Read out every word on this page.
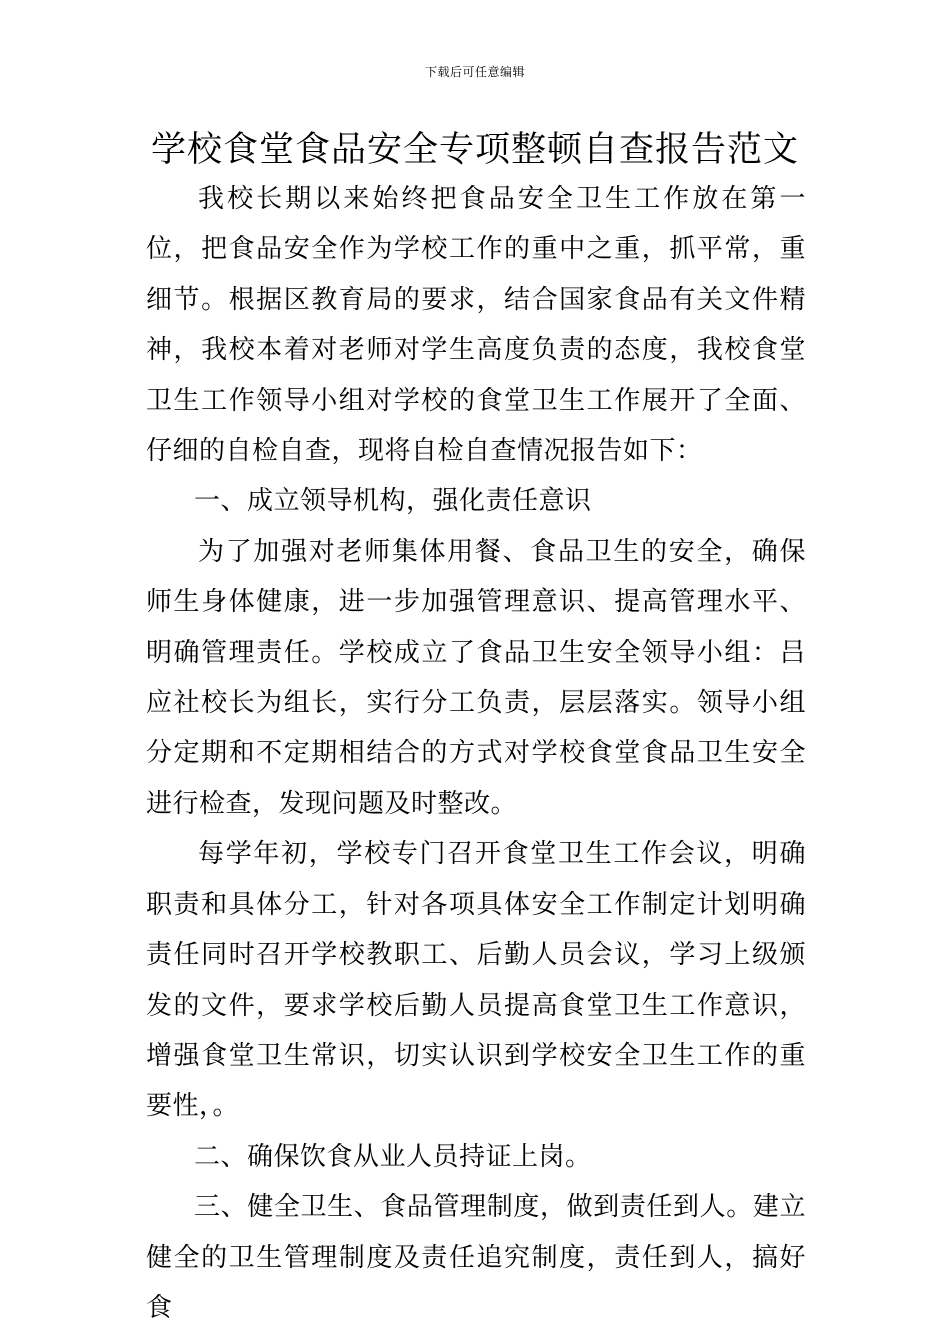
下载后可任意编辑
学校食堂食品安全专项整顿自查报告范文

我校长期以来始终把食品安全卫生工作放在第一位，把食品安全作为学校工作的重中之重，抓平常，重细节。根据区教育局的要求，结合国家食品有关文件精神，我校本着对老师对学生高度负责的态度，我校食堂卫生工作领导小组对学校的食堂卫生工作展开了全面、仔细的自检自查，现将自检自查情况报告如下：

一、成立领导机构，强化责任意识

为了加强对老师集体用餐、食品卫生的安全，确保师生身体健康，进一步加强管理意识、提高管理水平、明确管理责任。学校成立了食品卫生安全领导小组：吕应社校长为组长，实行分工负责，层层落实。领导小组分定期和不定期相结合的方式对学校食堂食品卫生安全进行检查，发现问题及时整改。

每学年初，学校专门召开食堂卫生工作会议，明确职责和具体分工，针对各项具体安全工作制定计划明确责任同时召开学校教职工、后勤人员会议，学习上级颁发的文件，要求学校后勤人员提高食堂卫生工作意识，增强食堂卫生常识，切实认识到学校安全卫生工作的重要性，。

二、确保饮食从业人员持证上岗。

三、健全卫生、食品管理制度，做到责任到人。建立健全的卫生管理制度及责任追究制度，责任到人，搞好食
